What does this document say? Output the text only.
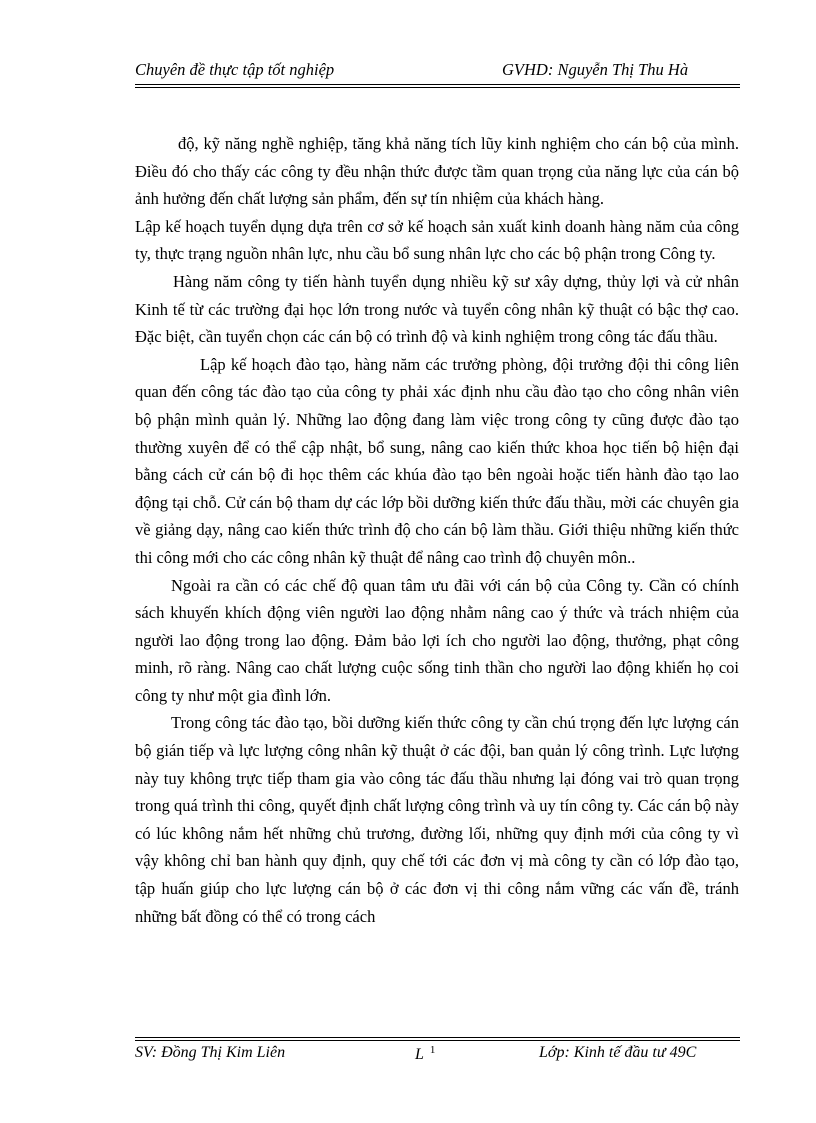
Chuyên đề thực tập tốt nghiệp	GVHD: Nguyễn Thị Thu Hà

độ, kỹ năng nghề nghiệp, tăng khả năng tích lũy kinh nghiệm cho cán bộ của mình. Điều đó cho thấy các công ty đều nhận thức được tầm quan trọng của năng lực của cán bộ ảnh hưởng đến chất lượng sản phẩm, đến sự tín nhiệm của khách hàng.

Lập kế hoạch tuyển dụng dựa trên cơ sở kế hoạch sản xuất kinh doanh hàng năm của công ty, thực trạng nguồn nhân lực, nhu cầu bổ sung nhân lực cho các bộ phận trong Công ty.

Hàng năm công ty tiến hành tuyển dụng nhiều kỹ sư xây dựng, thủy lợi và cử nhân Kinh tế từ các trường đại học lớn trong nước và tuyển công nhân kỹ thuật có bậc thợ cao. Đặc biệt, cần tuyển chọn các cán bộ có trình độ và kinh nghiệm trong công tác đấu thầu.

Lập kế hoạch đào tạo, hàng năm các trưởng phòng, đội trưởng đội thi công liên quan đến công tác đào tạo của công ty phải xác định nhu cầu đào tạo cho công nhân viên bộ phận mình quản lý. Những lao động đang làm việc trong công ty cũng được đào tạo thường xuyên để có thể cập nhật, bổ sung, nâng cao kiến thức khoa học tiến bộ hiện đại bằng cách cử cán bộ đi học thêm các khúa đào tạo bên ngoài hoặc tiến hành đào tạo lao động tại chỗ. Cử cán bộ tham dự các lớp bồi dưỡng kiến thức đấu thầu, mời các chuyên gia về giảng dạy, nâng cao kiến thức trình độ cho cán bộ làm thầu. Giới thiệu những kiến thức thi công mới cho các công nhân kỹ thuật để nâng cao trình độ chuyên môn..

Ngoài ra cần có các chế độ quan tâm ưu đãi với cán bộ của Công ty. Cần có chính sách khuyến khích động viên người lao động nhằm nâng cao ý thức và trách nhiệm của người lao động trong lao động. Đảm bảo lợi ích cho người lao động, thưởng, phạt công minh, rõ ràng. Nâng cao chất lượng cuộc sống tinh thần cho người lao động khiến họ coi công ty như một gia đình lớn.

Trong công tác đào tạo, bồi dưỡng kiến thức công ty cần chú trọng đến lực lượng cán bộ gián tiếp và lực lượng công nhân kỹ thuật ở các đội, ban quản lý công trình. Lực lượng này tuy không trực tiếp tham gia vào công tác đấu thầu nhưng lại đóng vai trò quan trọng trong quá trình thi công, quyết định chất lượng công trình và uy tín công ty. Các cán bộ này có lúc không nắm hết những chủ trương, đường lối, những quy định mới của công ty vì vậy không chỉ ban hành quy định, quy chế tới các đơn vị mà công ty cần có lớp đào tạo, tập huấn giúp cho lực lượng cán bộ ở các đơn vị thi công nắm vững các vấn đề, tránh những bất đồng có thể có trong cách

SV: Đồng Thị Kim Liên	L $^1$	Lớp: Kinh tế đầu tư 49C
